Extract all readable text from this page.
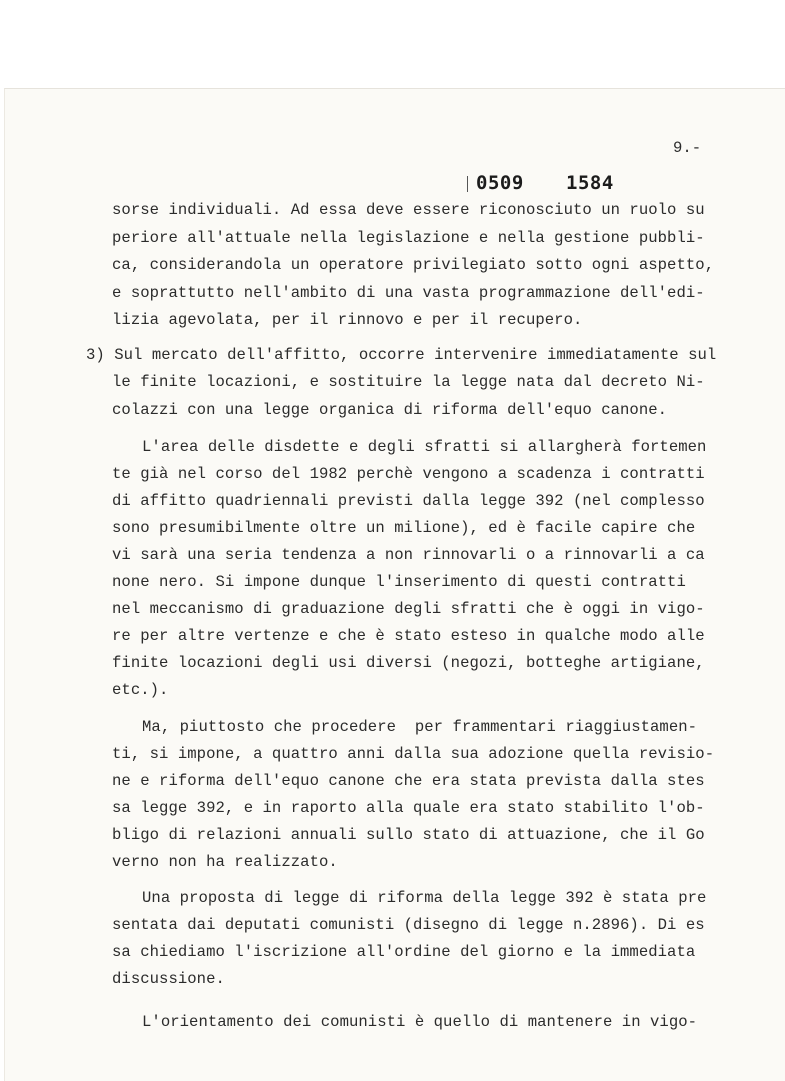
9.-
0509 1584
sorse individuali. Ad essa deve essere riconosciuto un ruolo su
periore all'attuale nella legislazione e nella gestione pubbli-
ca, considerandola un operatore privilegiato sotto ogni aspetto,
e soprattutto nell'ambito di una vasta programmazione dell'edi-
lizia agevolata, per il rinnovo e per il recupero.
3) Sul mercato dell'affitto, occorre intervenire immediatamente sul
le finite locazioni, e sostituire la legge nata dal decreto Ni-
colazzi con una legge organica di riforma dell'equo canone.
L'area delle disdette e degli sfratti si allargherà fortemen
te già nel corso del 1982 perchè vengono a scadenza i contratti
di affitto quadriennali previsti dalla legge 392 (nel complesso
sono presumibilmente oltre un milione), ed è facile capire che
vi sarà una seria tendenza a non rinnovarli o a rinnovarli a ca
none nero. Si impone dunque l'inserimento di questi contratti
nel meccanismo di graduazione degli sfratti che è oggi in vigo-
re per altre vertenze e che è stato esteso in qualche modo alle
finite locazioni degli usi diversi (negozi, botteghe artigiane,
etc.).
Ma, piuttosto che procedere  per frammentari riaggiustamen-
ti, si impone, a quattro anni dalla sua adozione quella revisio-
ne e riforma dell'equo canone che era stata prevista dalla stes
sa legge 392, e in raporto alla quale era stato stabilito l'ob-
bligo di relazioni annuali sullo stato di attuazione, che il Go
verno non ha realizzato.
Una proposta di legge di riforma della legge 392 è stata pre
sentata dai deputati comunisti (disegno di legge n.2896). Di es
sa chiediamo l'iscrizione all'ordine del giorno e la immediata
discussione.
L'orientamento dei comunisti è quello di mantenere in vigo-
